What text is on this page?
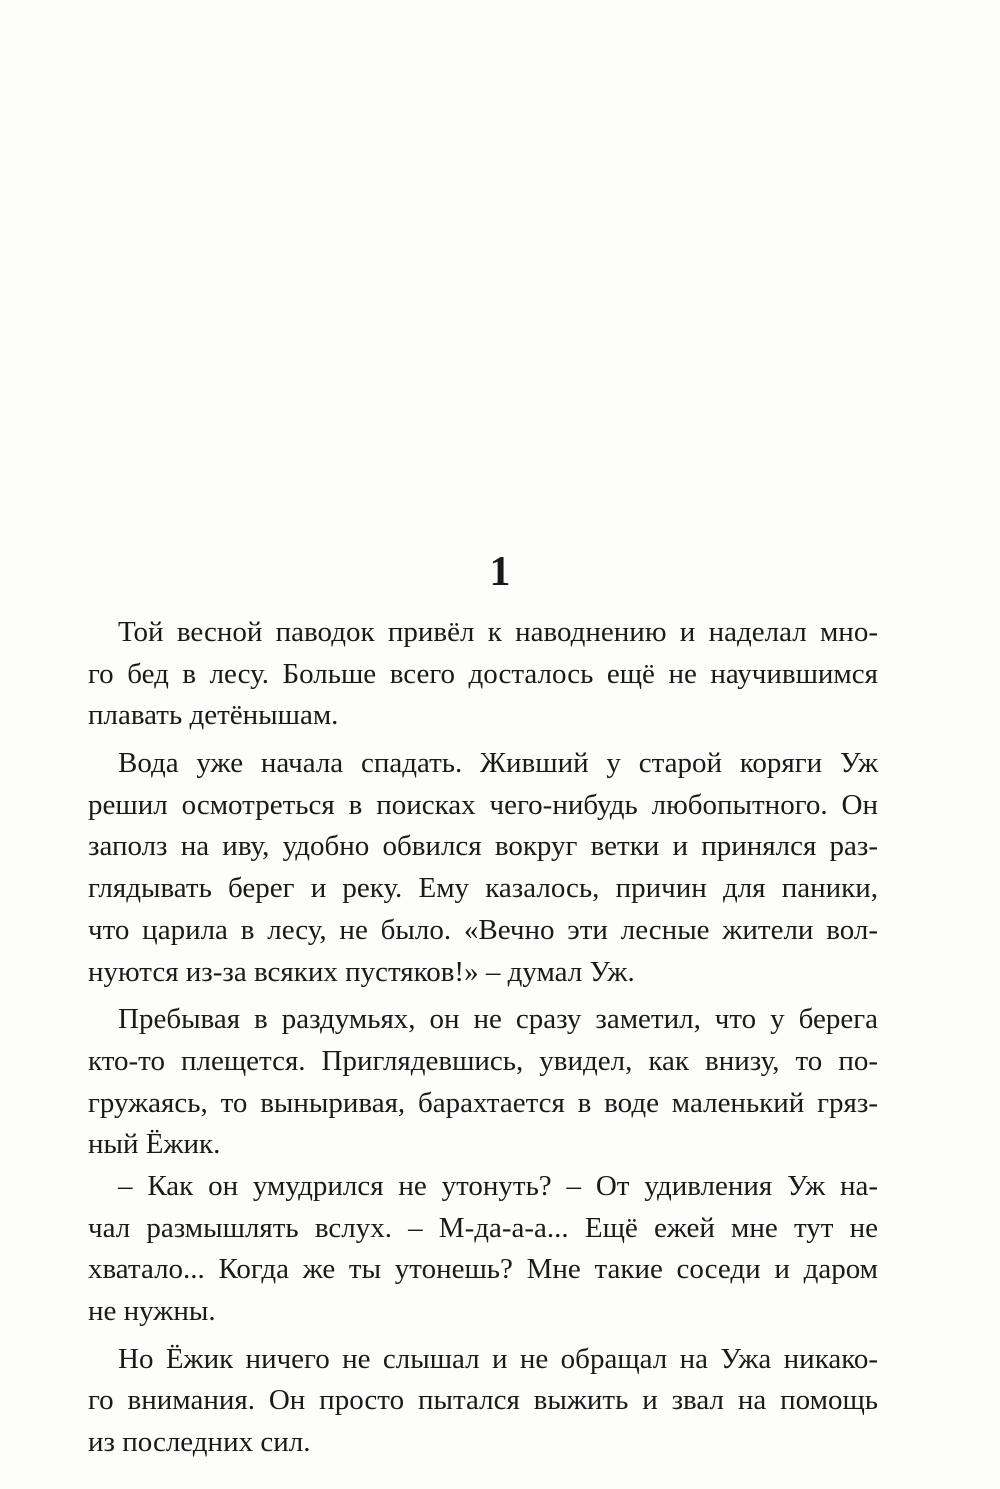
1
Той весной паводок привёл к наводнению и наделал мно-
го бед в лесу. Больше всего досталось ещё не научившимся
плавать детёнышам.
Вода уже начала спадать. Живший у старой коряги Уж
решил осмотреться в поисках чего-нибудь любопытного. Он
заполз на иву, удобно обвился вокруг ветки и принялся раз-
глядывать берег и реку. Ему казалось, причин для паники,
что царила в лесу, не было. «Вечно эти лесные жители вол-
нуются из-за всяких пустяков!» – думал Уж.
Пребывая в раздумьях, он не сразу заметил, что у берега
кто-то плещется. Приглядевшись, увидел, как внизу, то по-
гружаясь, то выныривая, барахтается в воде маленький гряз-
ный Ёжик.
– Как он умудрился не утонуть? – От удивления Уж на-
чал размышлять вслух. – М-да-а-а... Ещё ежей мне тут не
хватало... Когда же ты утонешь? Мне такие соседи и даром
не нужны.
Но Ёжик ничего не слышал и не обращал на Ужа никако-
го внимания. Он просто пытался выжить и звал на помощь
из последних сил.
